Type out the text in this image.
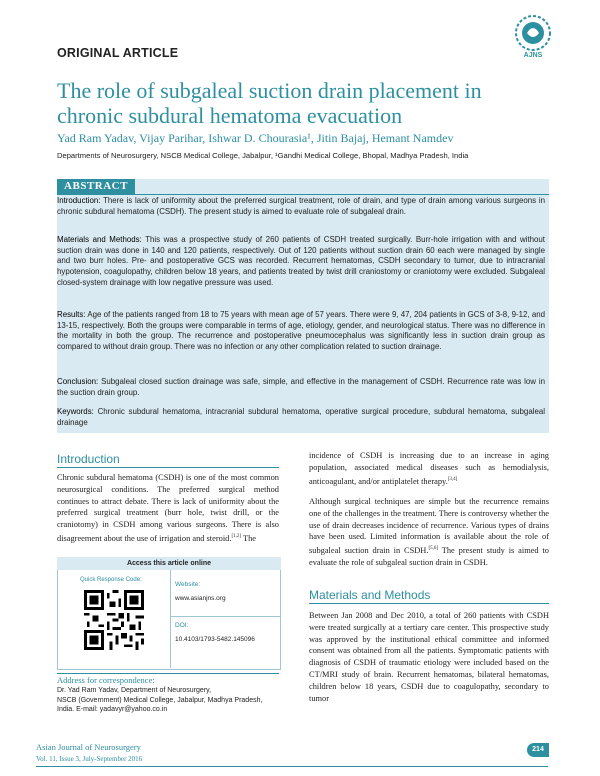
ORIGINAL ARTICLE	AJNS
The role of subgaleal suction drain placement in chronic subdural hematoma evacuation
Yad Ram Yadav, Vijay Parihar, Ishwar D. Chourasia¹, Jitin Bajaj, Hemant Namdev
Departments of Neurosurgery, NSCB Medical College, Jabalpur, ¹Gandhi Medical College, Bhopal, Madhya Pradesh, India
ABSTRACT
Introduction: There is lack of uniformity about the preferred surgical treatment, role of drain, and type of drain among various surgeons in chronic subdural hematoma (CSDH). The present study is aimed to evaluate role of subgaleal drain.
Materials and Methods: This was a prospective study of 260 patients of CSDH treated surgically. Burr-hole irrigation with and without suction drain was done in 140 and 120 patients, respectively. Out of 120 patients without suction drain 60 each were managed by single and two burr holes. Pre- and postoperative GCS was recorded. Recurrent hematomas, CSDH secondary to tumor, due to intracranial hypotension, coagulopathy, children below 18 years, and patients treated by twist drill craniostomy or craniotomy were excluded. Subgaleal closed-system drainage with low negative pressure was used.
Results: Age of the patients ranged from 18 to 75 years with mean age of 57 years. There were 9, 47, 204 patients in GCS of 3-8, 9-12, and 13-15, respectively. Both the groups were comparable in terms of age, etiology, gender, and neurological status. There was no difference in the mortality in both the group. The recurrence and postoperative pneumocephalus was significantly less in suction drain group as compared to without drain group. There was no infection or any other complication related to suction drainage.
Conclusion: Subgaleal closed suction drainage was safe, simple, and effective in the management of CSDH. Recurrence rate was low in the suction drain group.
Keywords: Chronic subdural hematoma, intracranial subdural hematoma, operative surgical procedure, subdural hematoma, subgaleal drainage
Introduction
Chronic subdural hematoma (CSDH) is one of the most common neurosurgical conditions. The preferred surgical method continues to attract debate. There is lack of uniformity about the preferred surgical treatment (burr hole, twist drill, or the craniotomy) in CSDH among various surgeons. There is also disagreement about the use of irrigation and steroid.[1,2] The
Access this article online
Quick Response Code:
Website:
www.asianjns.org
DOI:
10.4103/1793-5482.145096
Address for correspondence:
Dr. Yad Ram Yadav, Department of Neurosurgery,
NSCB (Government) Medical College, Jabalpur, Madhya Pradesh,
India. E-mail: yadavyr@yahoo.co.in
incidence of CSDH is increasing due to an increase in aging population, associated medical diseases such as hemodialysis, anticoagulant, and/or antiplatelet therapy.[3,4]
Although surgical techniques are simple but the recurrence remains one of the challenges in the treatment. There is controversy whether the use of drain decreases incidence of recurrence. Various types of drains have been used. Limited information is available about the role of subgaleal suction drain in CSDH.[5,6] The present study is aimed to evaluate the role of subgaleal suction drain in CSDH.
Materials and Methods
Between Jan 2008 and Dec 2010, a total of 260 patients with CSDH were treated surgically at a tertiary care center. This prospective study was approved by the institutional ethical committee and informed consent was obtained from all the patients. Symptomatic patients with diagnosis of CSDH of traumatic etiology were included based on the CT/MRI study of brain. Recurrent hematomas, bilateral hematomas, children below 18 years, CSDH due to coagulopathy, secondary to tumor
Asian Journal of Neurosurgery
Vol. 11, Issue 3, July-September 2016
214
